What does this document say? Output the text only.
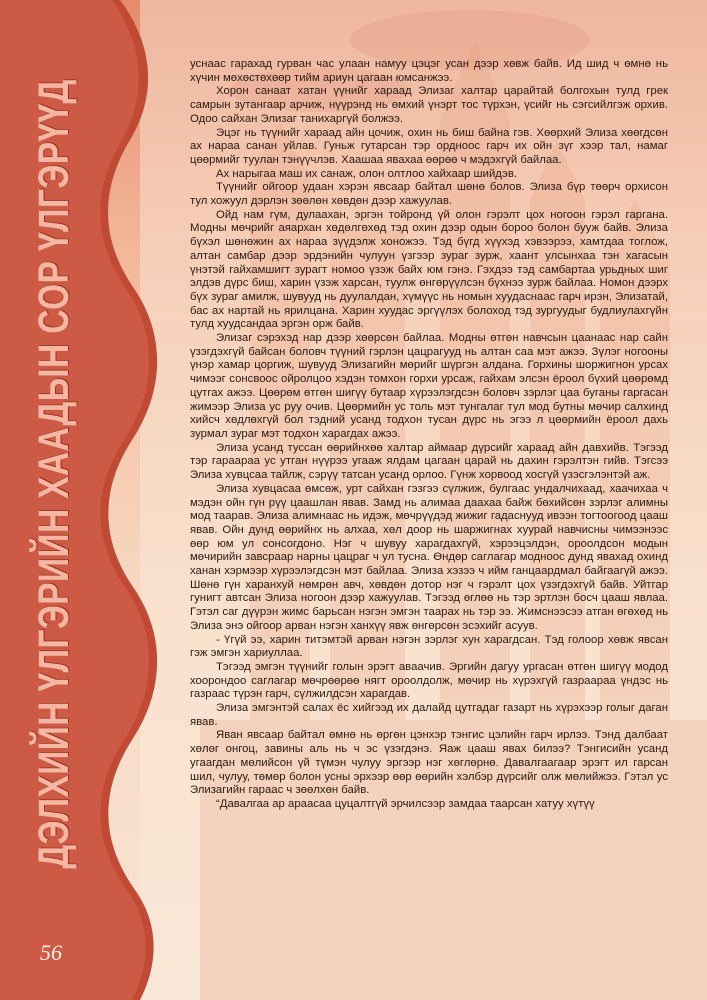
ДЭЛХИЙН ҮЛГЭРИЙН ХААДЫН СОР ҮЛГЭРҮҮД
56

уснаас гарахад гурван час улаан намуу цэцэг усан дээр хөвж байв. Ид шид ч өмнө нь хүчин мөхөстөхөөр тийм ариун цагаан юмсанжээ.

Хорон санаат хатан үүнийг хараад Элизаг халтар царайтай болгохын тулд грек самрын зутангаар арчиж, нүүрэнд нь өмхий үнэрт тос түрхэн, үсийг нь сэгсийлгэж орхив. Одоо сайхан Элизаг танихаргүй болжээ.

Эцэг нь түүнийг хараад айн цочиж, охин нь биш байна гэв. Хөөрхий Элиза хөөгдсөн ах нараа санан уйлав. Гуньж гутарсан тэр ордноос гарч их ойн зүг хээр тал, намаг цөөрмийг туулан тэнүүчлэв. Хаашаа явахаа өөрөө ч мэдэхгүй байлаа.

Ах нарыгаа маш их санаж, олон олтлоо хайхаар шийдэв.

Түүнийг ойгоор удаан хэрэн явсаар байтал шөнө болов. Элиза бүр төөрч орхисон тул хожуул дэрлэн зөөлөн хөвдөн дээр хажуулав.

Ойд нам гүм, дулаахан, эргэн тойронд үй олон гэрэлт цох ногоон гэрэл гаргана. Модны мөчрийг аяархан хөдөлгөхөд тэд охин дээр одын бороо болон бууж байв. Элиза бүхэл шөнөжин ах нараа зүүдэлж хоножээ. Тэд бүгд хүүхэд хэвээрээ, хамтдаа тоглож, алтан самбар дээр эрдэнийн чулуун үзгээр зураг зурж, хаант улсынхаа тэн хагасын үнэтэй гайхамшигт зурагт номоо үзэж байх юм гэнэ. Гэхдээ тэд самбартаа урьдных шиг элдэв дүрс биш, харин үзэж харсан, туулж өнгөрүүлсэн бүхнээ зурж байлаа. Номон дээрх бүх зураг амилж, шувууд нь дуулалдан, хүмүүс нь номын хуудаснаас гарч ирэн, Элизатай, бас ах нартай нь ярилцана. Харин хуудас эргүүлэх болоход тэд зургуудыг будлиулахгүйн тулд хуудсандаа эргэн орж байв.

Элизаг сэрэхэд нар дээр хөөрсөн байлаа. Модны өтгөн навчсын цаанаас нар сайн үзэгдэхгүй байсан боловч түүний гэрлэн цацрагууд нь алтан саа мэт ажээ. Зүлэг ногооны үнэр хамар цоргиж, шувууд Элизагийн мөрийг шүргэн алдана. Горхины шоржигнон урсах чимээг сонсвоос ойролцоо хэдэн томхон горхи урсаж, гайхам элсэн ёроол бүхий цөөрөмд цутгах ажээ. Цөөрөм өтгөн шигүү бутаар хүрээлэгдсэн боловч зэрлэг цаа буганы гаргасан жимээр Элиза ус руу очив. Цөөрмийн ус толь мэт тунгалаг тул мод бутны мөчир салхинд хийсч хөдлөхгүй бол тэдний усанд тодхон тусан дүрс нь эгээ л цөөрмийн ёроол дахь зурмал зураг мэт тодхон харагдах ажээ.

Элиза усанд туссан өөрийнхөө халтар аймаар дүрсийг хараад айн давхийв. Тэгээд тэр гараараа ус утган нүүрээ угааж ялдам цагаан царай нь дахин гэрэлтэн гийв. Тэгсээ Элиза хувцсаа тайлж, сэрүү татсан усанд орлоо. Гүнж хорвоод хосгүй үзэсгэлэнтэй аж.

Элиза хувцасаа өмсөж, урт сайхан гэзгээ сүлжиж, булгаас ундалчихаад, хаачихаа ч мэдэн ойн гүн рүү цаашлан явав. Замд нь алимаа даахаа байж бөхийсөн зэрлэг алимны мод таарав. Элиза алимнаас нь идэж, мөчрүүдэд жижиг гадаснууд ивээн тогтоогоод цааш явав. Ойн дунд өөрийнх нь алхаа, хөл доор нь шаржигнах хуурай навчисны чимээнээс өөр юм ул сонсогдоно. Нэг ч шувуу харагдахгүй, хэрээцэлдэн, ороолдсон модын мөчирийн завсраар нарны цацраг ч ул тусна. Өндөр саглагар модноос дунд явахад охинд ханан хэрмээр хүрээлэгдсэн мэт байлаа. Элиза хэзээ ч ийм ганцаардмал байгаагүй ажээ. Шөнө гүн харанхуй нөмрөн авч, хөвдөн дотор нэг ч гэрэлт цох үзэгдэхгүй байв. Уйтгар гунигт автсан Элиза ногоон дээр хажуулав. Тэгээд өглөө нь тэр эртлэн босч цааш явлаа. Гэтэл саг дүүрэн жимс барьсан нэгэн эмгэн таарах нь тэр ээ. Жимснээсээ атган өгөхөд нь Элиза энэ ойгоор арван нэгэн ханхүү явж өнгөрсөн эсэхийг асуув.

- Үгүй ээ, харин титэмтэй арван нэгэн зэрлэг хун харагдсан. Тэд голоор хөвж явсан гэж эмгэн хариуллаа.

Тэгээд эмгэн түүнийг голын эрэгт аваачив. Эргийн дагуу ургасан өтгөн шигүү модод хоорондоо саглагар мөчрөөрөө нягт ороолдолж, мөчир нь хүрэхгүй газраараа үндэс нь газраас түрэн гарч, сүлжилдсэн харагдав.

Элиза эмгэнтэй салах ёс хийгээд их далайд цутгадаг газарт нь хүрэхээр голыг даган явав.

Яван явсаар байтал өмнө нь өргөн цэнхэр тэнгис цэлийн гарч ирлээ. Тэнд далбаат хөлөг онгоц, завины аль нь ч эс үзэгдэнэ. Яаж цааш явах билээ? Тэнгисийн усанд угаагдан мөлийсон үй түмэн чулуу эргээр нэг хөглөрнө. Давалгаагаар эрэгт ил гарсан шил, чулуу, төмөр болон усны эрхээр өөр өөрийн хэлбэр дүрсийг олж мөлийжээ. Гэтэл ус Элизагийн гараас ч зөөлхөн байв.

“Давалгаа ар араасаа цуцалтгүй эрчилсээр замдаа таарсан хатуу хүтүү
